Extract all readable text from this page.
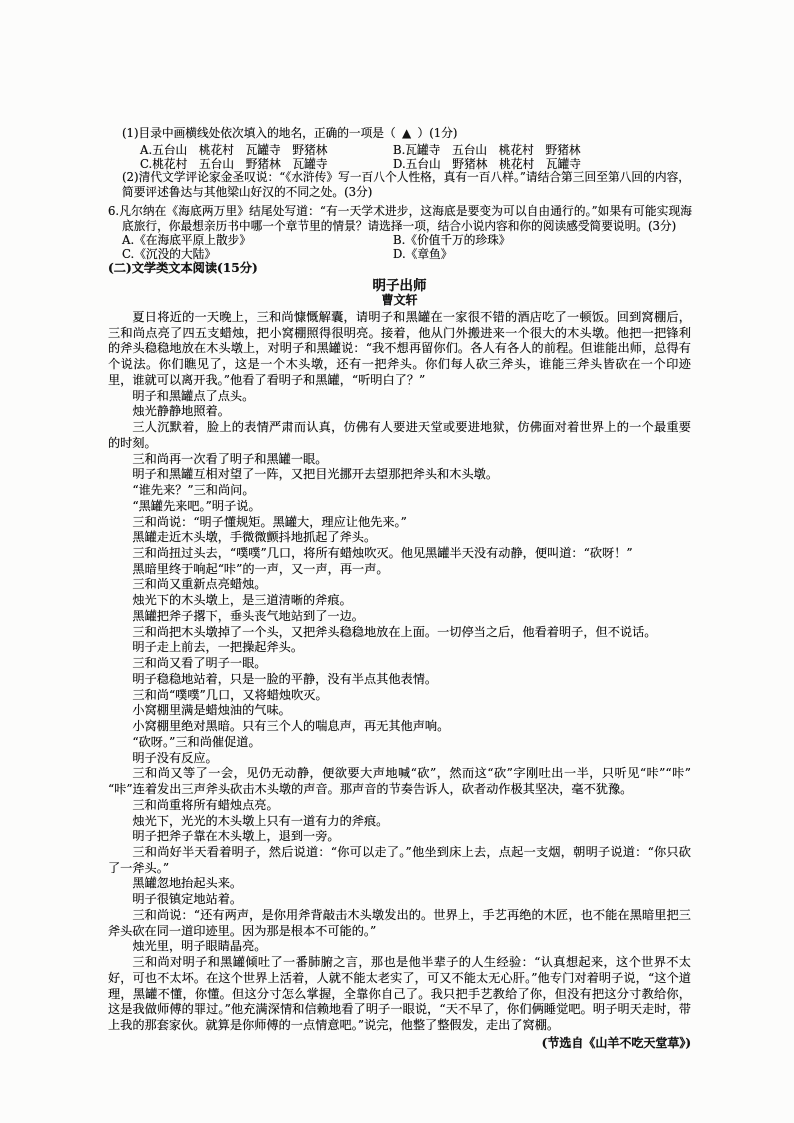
(1)目录中画横线处依次填入的地名，正确的一项是（ ▲ ）(1分)
A.五台山　桃花村　瓦罐寺　野猪林	B.瓦罐寺　五台山　桃花村　野猪林
C.桃花村　五台山　野猪林　瓦罐寺	D.五台山　野猪林　桃花村　瓦罐寺
(2)清代文学评论家金圣叹说：“《水浒传》写一百八个人性格，真有一百八样。”请结合第三回至第八回的内容，简要评述鲁达与其他梁山好汉的不同之处。(3分)
6.凡尔纳在《海底两万里》结尾处写道：“有一天学术进步，这海底是要变为可以自由通行的。”如果有可能实现海底旅行，你最想亲历书中哪一个章节里的情景？请选择一项，结合小说内容和你的阅读感受简要说明。(3分)
A.《在海底平原上散步》	B.《价值千万的珍珠》
C.《沉没的大陆》	D.《章鱼》
(二)文学类文本阅读(15分)
明子出师
曹文轩

夏日将近的一天晚上，三和尚慷慨解囊，请明子和黑罐在一家很不错的酒店吃了一顿饭。回到窝棚后，三和尚点亮了四五支蜡烛，把小窝棚照得很明亮。接着，他从门外搬进来一个很大的木头墩。他把一把锋利的斧头稳稳地放在木头墩上，对明子和黑罐说：“我不想再留你们。各人有各人的前程。但谁能出师，总得有个说法。你们瞧见了，这是一个木头墩，还有一把斧头。你们每人砍三斧头，谁能三斧头皆砍在一个印迹里，谁就可以离开我。”他看了看明子和黑罐，“听明白了？”

明子和黑罐点了点头。

烛光静静地照着。

三人沉默着，脸上的表情严肃而认真，仿佛有人要进天堂或要进地狱，仿佛面对着世界上的一个最重要的时刻。

三和尚再一次看了明子和黑罐一眼。

明子和黑罐互相对望了一阵，又把目光挪开去望那把斧头和木头墩。

“谁先来？”三和尚问。

“黑罐先来吧。”明子说。

三和尚说：“明子懂规矩。黑罐大，理应让他先来。”

黑罐走近木头墩，手微微颤抖地抓起了斧头。

三和尚扭过头去，“噗噗”几口，将所有蜡烛吹灭。他见黑罐半天没有动静，便叫道：“砍呀！”

黑暗里终于响起“咔”的一声，又一声，再一声。

三和尚又重新点亮蜡烛。

烛光下的木头墩上，是三道清晰的斧痕。

黑罐把斧子撂下，垂头丧气地站到了一边。

三和尚把木头墩掉了一个头，又把斧头稳稳地放在上面。一切停当之后，他看着明子，但不说话。

明子走上前去，一把操起斧头。

三和尚又看了明子一眼。

明子稳稳地站着，只是一脸的平静，没有半点其他表情。

三和尚“噗噗”几口，又将蜡烛吹灭。

小窝棚里满是蜡烛油的气味。

小窝棚里绝对黑暗。只有三个人的喘息声，再无其他声响。

“砍呀。”三和尚催促道。

明子没有反应。

三和尚又等了一会，见仍无动静，便欲要大声地喊“砍”，然而这“砍”字刚吐出一半，只听见“咔”“咔”“咔”连着发出三声斧头砍击木头墩的声音。那声音的节奏告诉人，砍者动作极其坚决，毫不犹豫。

三和尚重将所有蜡烛点亮。

烛光下，光光的木头墩上只有一道有力的斧痕。

明子把斧子靠在木头墩上，退到一旁。

三和尚好半天看着明子，然后说道：“你可以走了。”他坐到床上去，点起一支烟，朝明子说道：“你只砍了一斧头。”

黑罐忽地抬起头来。

明子很镇定地站着。

三和尚说：“还有两声，是你用斧背敲击木头墩发出的。世界上，手艺再绝的木匠，也不能在黑暗里把三斧头砍在同一道印迹里。因为那是根本不可能的。”

烛光里，明子眼睛晶亮。

三和尚对明子和黑罐倾吐了一番肺腑之言，那也是他半辈子的人生经验：“认真想起来，这个世界不太好，可也不太坏。在这个世界上活着，人就不能太老实了，可又不能太无心肝。”他专门对着明子说，“这个道理，黑罐不懂，你懂。但这分寸怎么掌握，全靠你自己了。我只把手艺教给了你，但没有把这分寸教给你，这是我做师傅的罪过。”他充满深情和信赖地看了明子一眼说，“天不早了，你们俩睡觉吧。明子明天走时，带上我的那套家伙。就算是你师傅的一点情意吧。”说完，他整了整假发，走出了窝棚。

(节选自《山羊不吃天堂草》)
